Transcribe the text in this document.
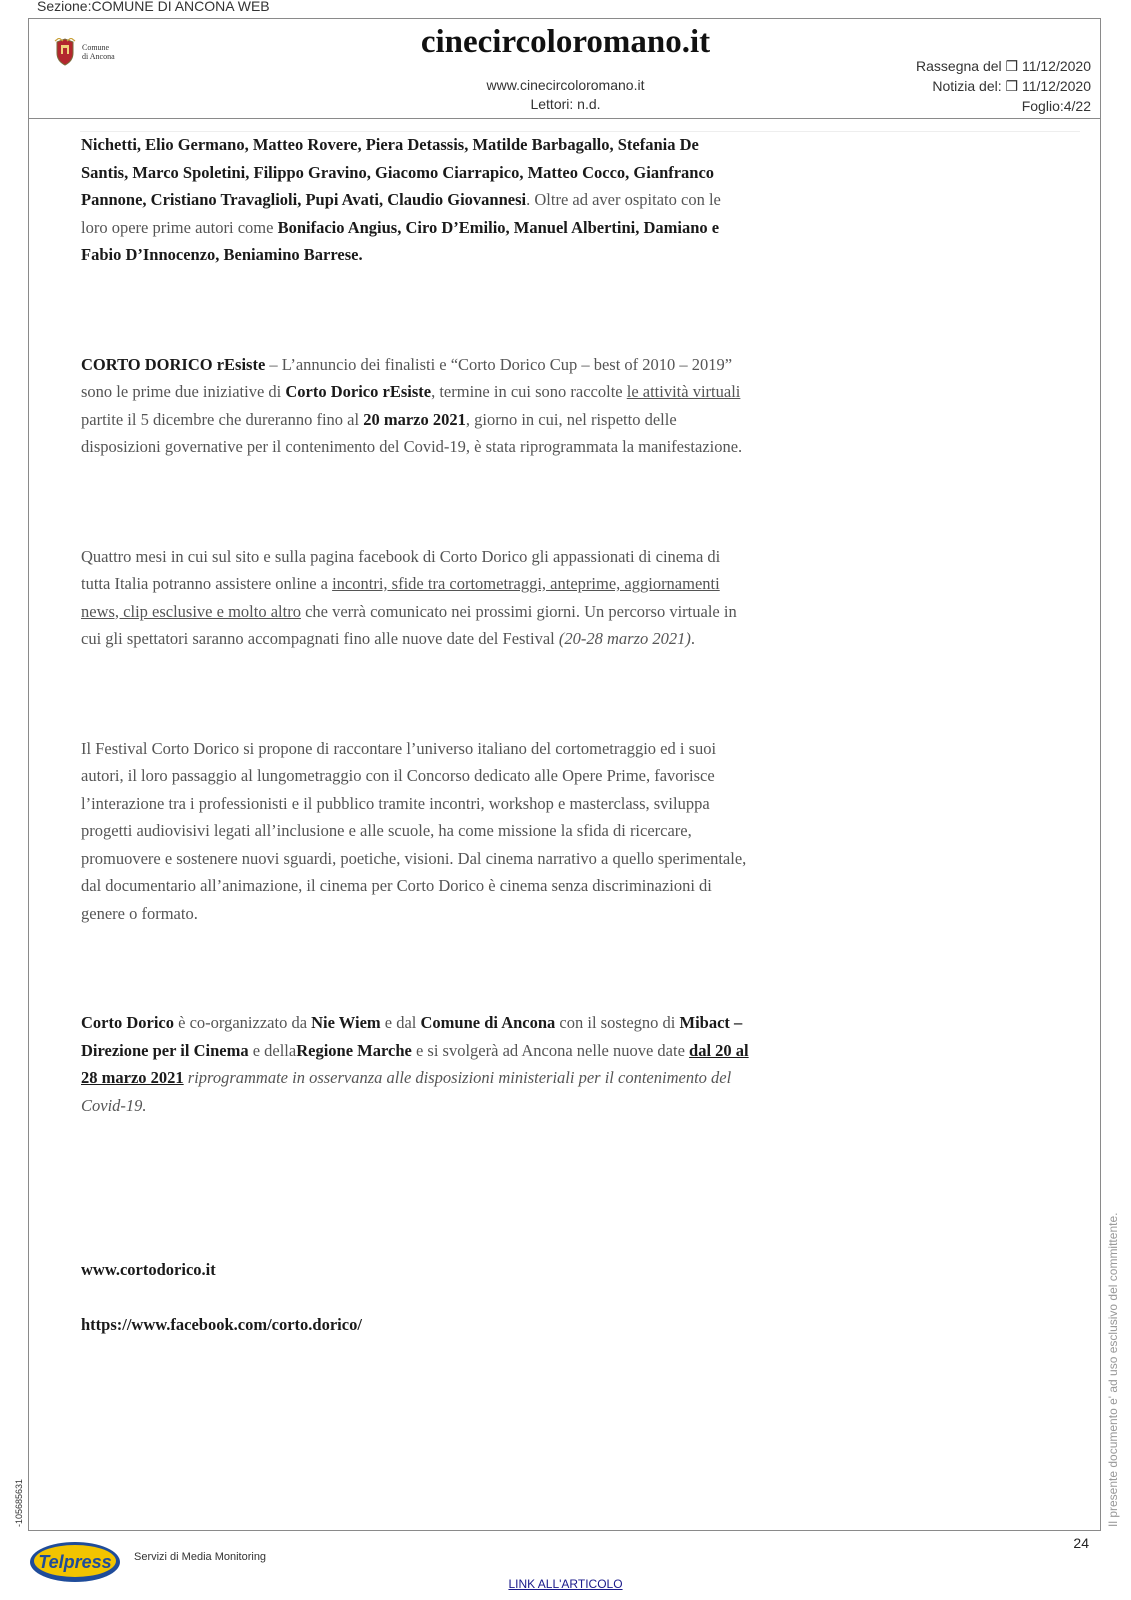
Sezione:COMUNE DI ANCONA WEB
Comune
di Ancona	cinecircoloromano.it
www.cinecircoloromano.it
Lettori: n.d.
Rassegna del ❒ 11/12/2020
Notizia del: ❒ 11/12/2020
Foglio:4/22

Nichetti, Elio Germano, Matteo Rovere, Piera Detassis, Matilde Barbagallo, Stefania De Santis, Marco Spoletini, Filippo Gravino, Giacomo Ciarrapico, Matteo Cocco, Gianfranco Pannone, Cristiano Travaglioli, Pupi Avati, Claudio Giovannesi. Oltre ad aver ospitato con le loro opere prime autori come Bonifacio Angius, Ciro D’Emilio, Manuel Albertini, Damiano e Fabio D’Innocenzo, Beniamino Barrese.

CORTO DORICO rEsiste – L’annuncio dei finalisti e “Corto Dorico Cup – best of 2010 – 2019” sono le prime due iniziative di Corto Dorico rEsiste, termine in cui sono raccolte le attività virtuali partite il 5 dicembre che dureranno fino al 20 marzo 2021, giorno in cui, nel rispetto delle disposizioni governative per il contenimento del Covid-19, è stata riprogrammata la manifestazione.

Quattro mesi in cui sul sito e sulla pagina facebook di Corto Dorico gli appassionati di cinema di tutta Italia potranno assistere online a incontri, sfide tra cortometraggi, anteprime, aggiornamenti news, clip esclusive e molto altro che verrà comunicato nei prossimi giorni. Un percorso virtuale in cui gli spettatori saranno accompagnati fino alle nuove date del Festival (20-28 marzo 2021).

Il Festival Corto Dorico si propone di raccontare l’universo italiano del cortometraggio ed i suoi autori, il loro passaggio al lungometraggio con il Concorso dedicato alle Opere Prime, favorisce l’interazione tra i professionisti e il pubblico tramite incontri, workshop e masterclass, sviluppa progetti audiovisivi legati all’inclusione e alle scuole, ha come missione la sfida di ricercare, promuovere e sostenere nuovi sguardi, poetiche, visioni. Dal cinema narrativo a quello sperimentale, dal documentario all’animazione, il cinema per Corto Dorico è cinema senza discriminazioni di genere o formato.

Corto Dorico è co-organizzato da Nie Wiem e dal Comune di Ancona con il sostegno di Mibact – Direzione per il Cinema e dellaRegione Marche e si svolgerà ad Ancona nelle nuove date dal 20 al 28 marzo 2021 riprogrammate in osservanza alle disposizioni ministeriali per il contenimento del Covid-19.

www.cortodorico.it

https://www.facebook.com/corto.dorico/	Il presente documento e' ad uso esclusivo del committente.
-105685631
24
Telpress Servizi di Media Monitoring
LINK ALL'ARTICOLO
